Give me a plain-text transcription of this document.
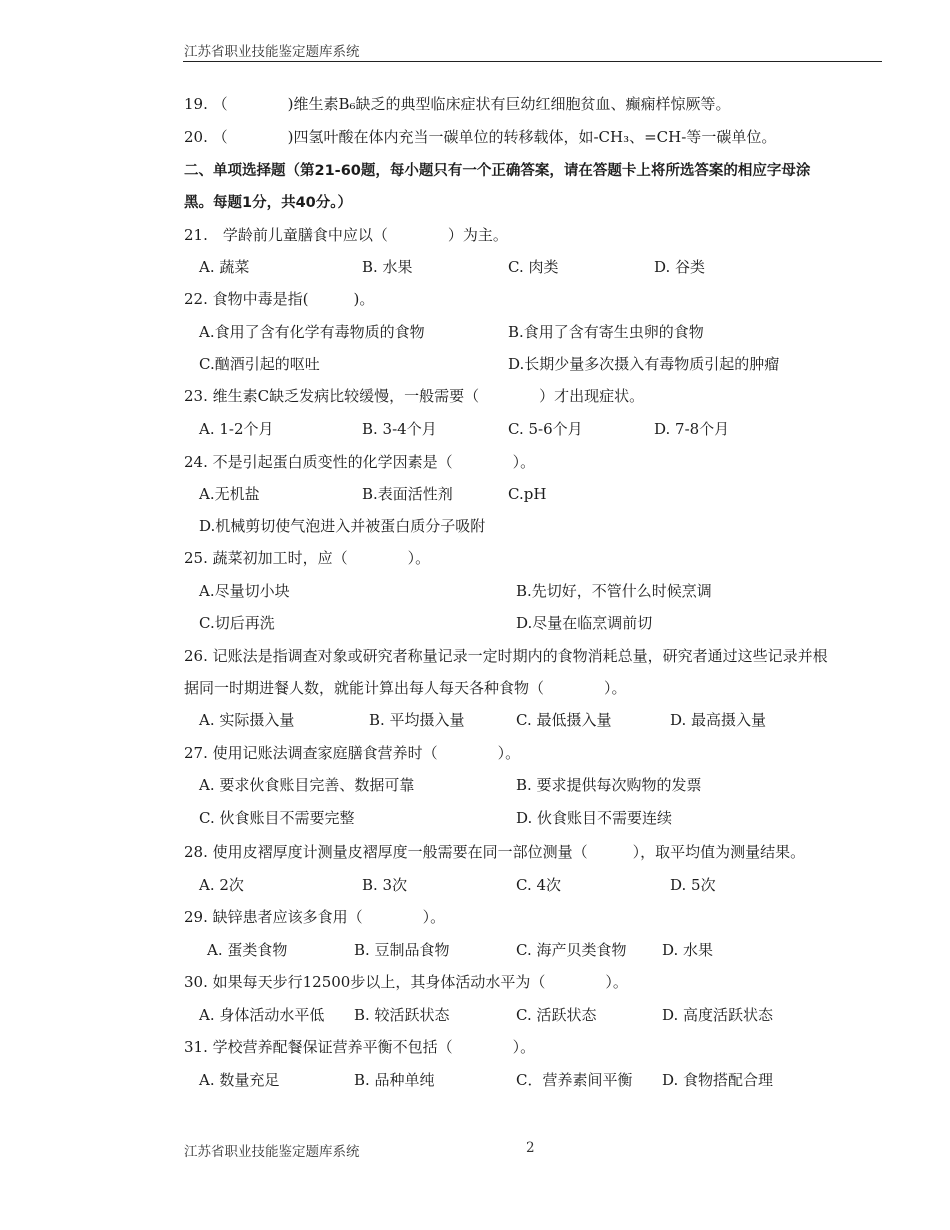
江苏省职业技能鉴定题库系统
19. （　　　　)维生素B₆缺乏的典型临床症状有巨幼红细胞贫血、癫痫样惊厥等。
20. （　　　　)四氢叶酸在体内充当一碳单位的转移载体，如-CH₃、=CH-等一碳单位。
二、单项选择题（第21-60题，每小题只有一个正确答案，请在答题卡上将所选答案的相应字母涂
黑。每题1分，共40分。）
21.　学龄前儿童膳食中应以（　　　　）为主。
A. 蔬菜	B. 水果	C. 肉类	D. 谷类
22. 食物中毒是指(　　　)。
A.食用了含有化学有毒物质的食物	B.食用了含有寄生虫卵的食物
C.酗酒引起的呕吐	D.长期少量多次摄入有毒物质引起的肿瘤
23. 维生素C缺乏发病比较缓慢，一般需要（　　　　）才出现症状。
A. 1-2个月	B. 3-4个月	C. 5-6个月	D. 7-8个月
24. 不是引起蛋白质变性的化学因素是（　　　　）。
A.无机盐	B.表面活性剂	C.pH
D.机械剪切使气泡进入并被蛋白质分子吸附
25. 蔬菜初加工时，应（　　　　）。
A.尽量切小块	B.先切好，不管什么时候烹调
C.切后再洗	D.尽量在临烹调前切
26. 记账法是指调查对象或研究者称量记录一定时期内的食物消耗总量，研究者通过这些记录并根
据同一时期进餐人数，就能计算出每人每天各种食物（　　　　）。
A. 实际摄入量	B. 平均摄入量	C. 最低摄入量	D. 最高摄入量
27. 使用记账法调查家庭膳食营养时（　　　　）。
A. 要求伙食账目完善、数据可靠	B. 要求提供每次购物的发票
C. 伙食账目不需要完整	D. 伙食账目不需要连续
28. 使用皮褶厚度计测量皮褶厚度一般需要在同一部位测量（　　　），取平均值为测量结果。
A. 2次	B. 3次	C. 4次	D. 5次
29. 缺锌患者应该多食用（　　　　）。
A. 蛋类食物	B. 豆制品食物	C. 海产贝类食物 D. 水果
30. 如果每天步行12500步以上，其身体活动水平为（　　　　）。
A. 身体活动水平低 B. 较活跃状态	C. 活跃状态	D. 高度活跃状态
31. 学校营养配餐保证营养平衡不包括（　　　　）。
A. 数量充足	B. 品种单纯	C．营养素间平衡 D. 食物搭配合理
江苏省职业技能鉴定题库系统	2
